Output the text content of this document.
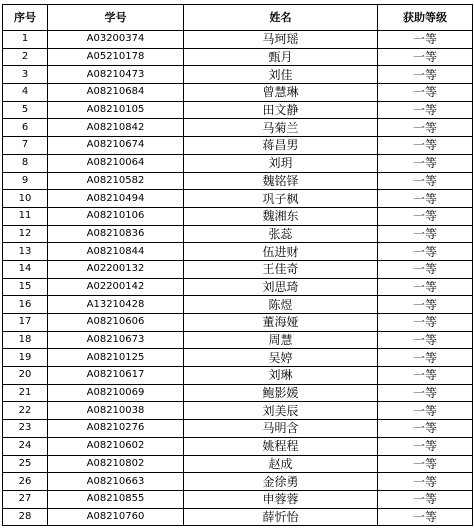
序号	学号	姓名	获助等级
1	A03200374	马珂瑶	一等
2	A05210178	甄月	一等
3	A08210473	刘佳	一等
4	A08210684	曾慧琳	一等
5	A08210105	田文静	一等
6	A08210842	马菊兰	一等
7	A08210674	蒋昌男	一等
8	A08210064	刘玥	一等
9	A08210582	魏铭铎	一等
10	A08210494	巩子枫	一等
11	A08210106	魏湘东	一等
12	A08210836	张蕊	一等
13	A08210844	伍进财	一等
14	A02200132	王佳奇	一等
15	A02200142	刘思琦	一等
16	A13210428	陈煜	一等
17	A08210606	董海娅	一等
18	A08210673	周慧	一等
19	A08210125	吴婷	一等
20	A08210617	刘琳	一等
21	A08210069	鲍影媛	一等
22	A08210038	刘美辰	一等
23	A08210276	马明含	一等
24	A08210602	姚程程	一等
25	A08210802	赵成	一等
26	A08210663	金徐勇	一等
27	A08210855	申蓉蓉	一等
28	A08210760	薛忻怡	一等
